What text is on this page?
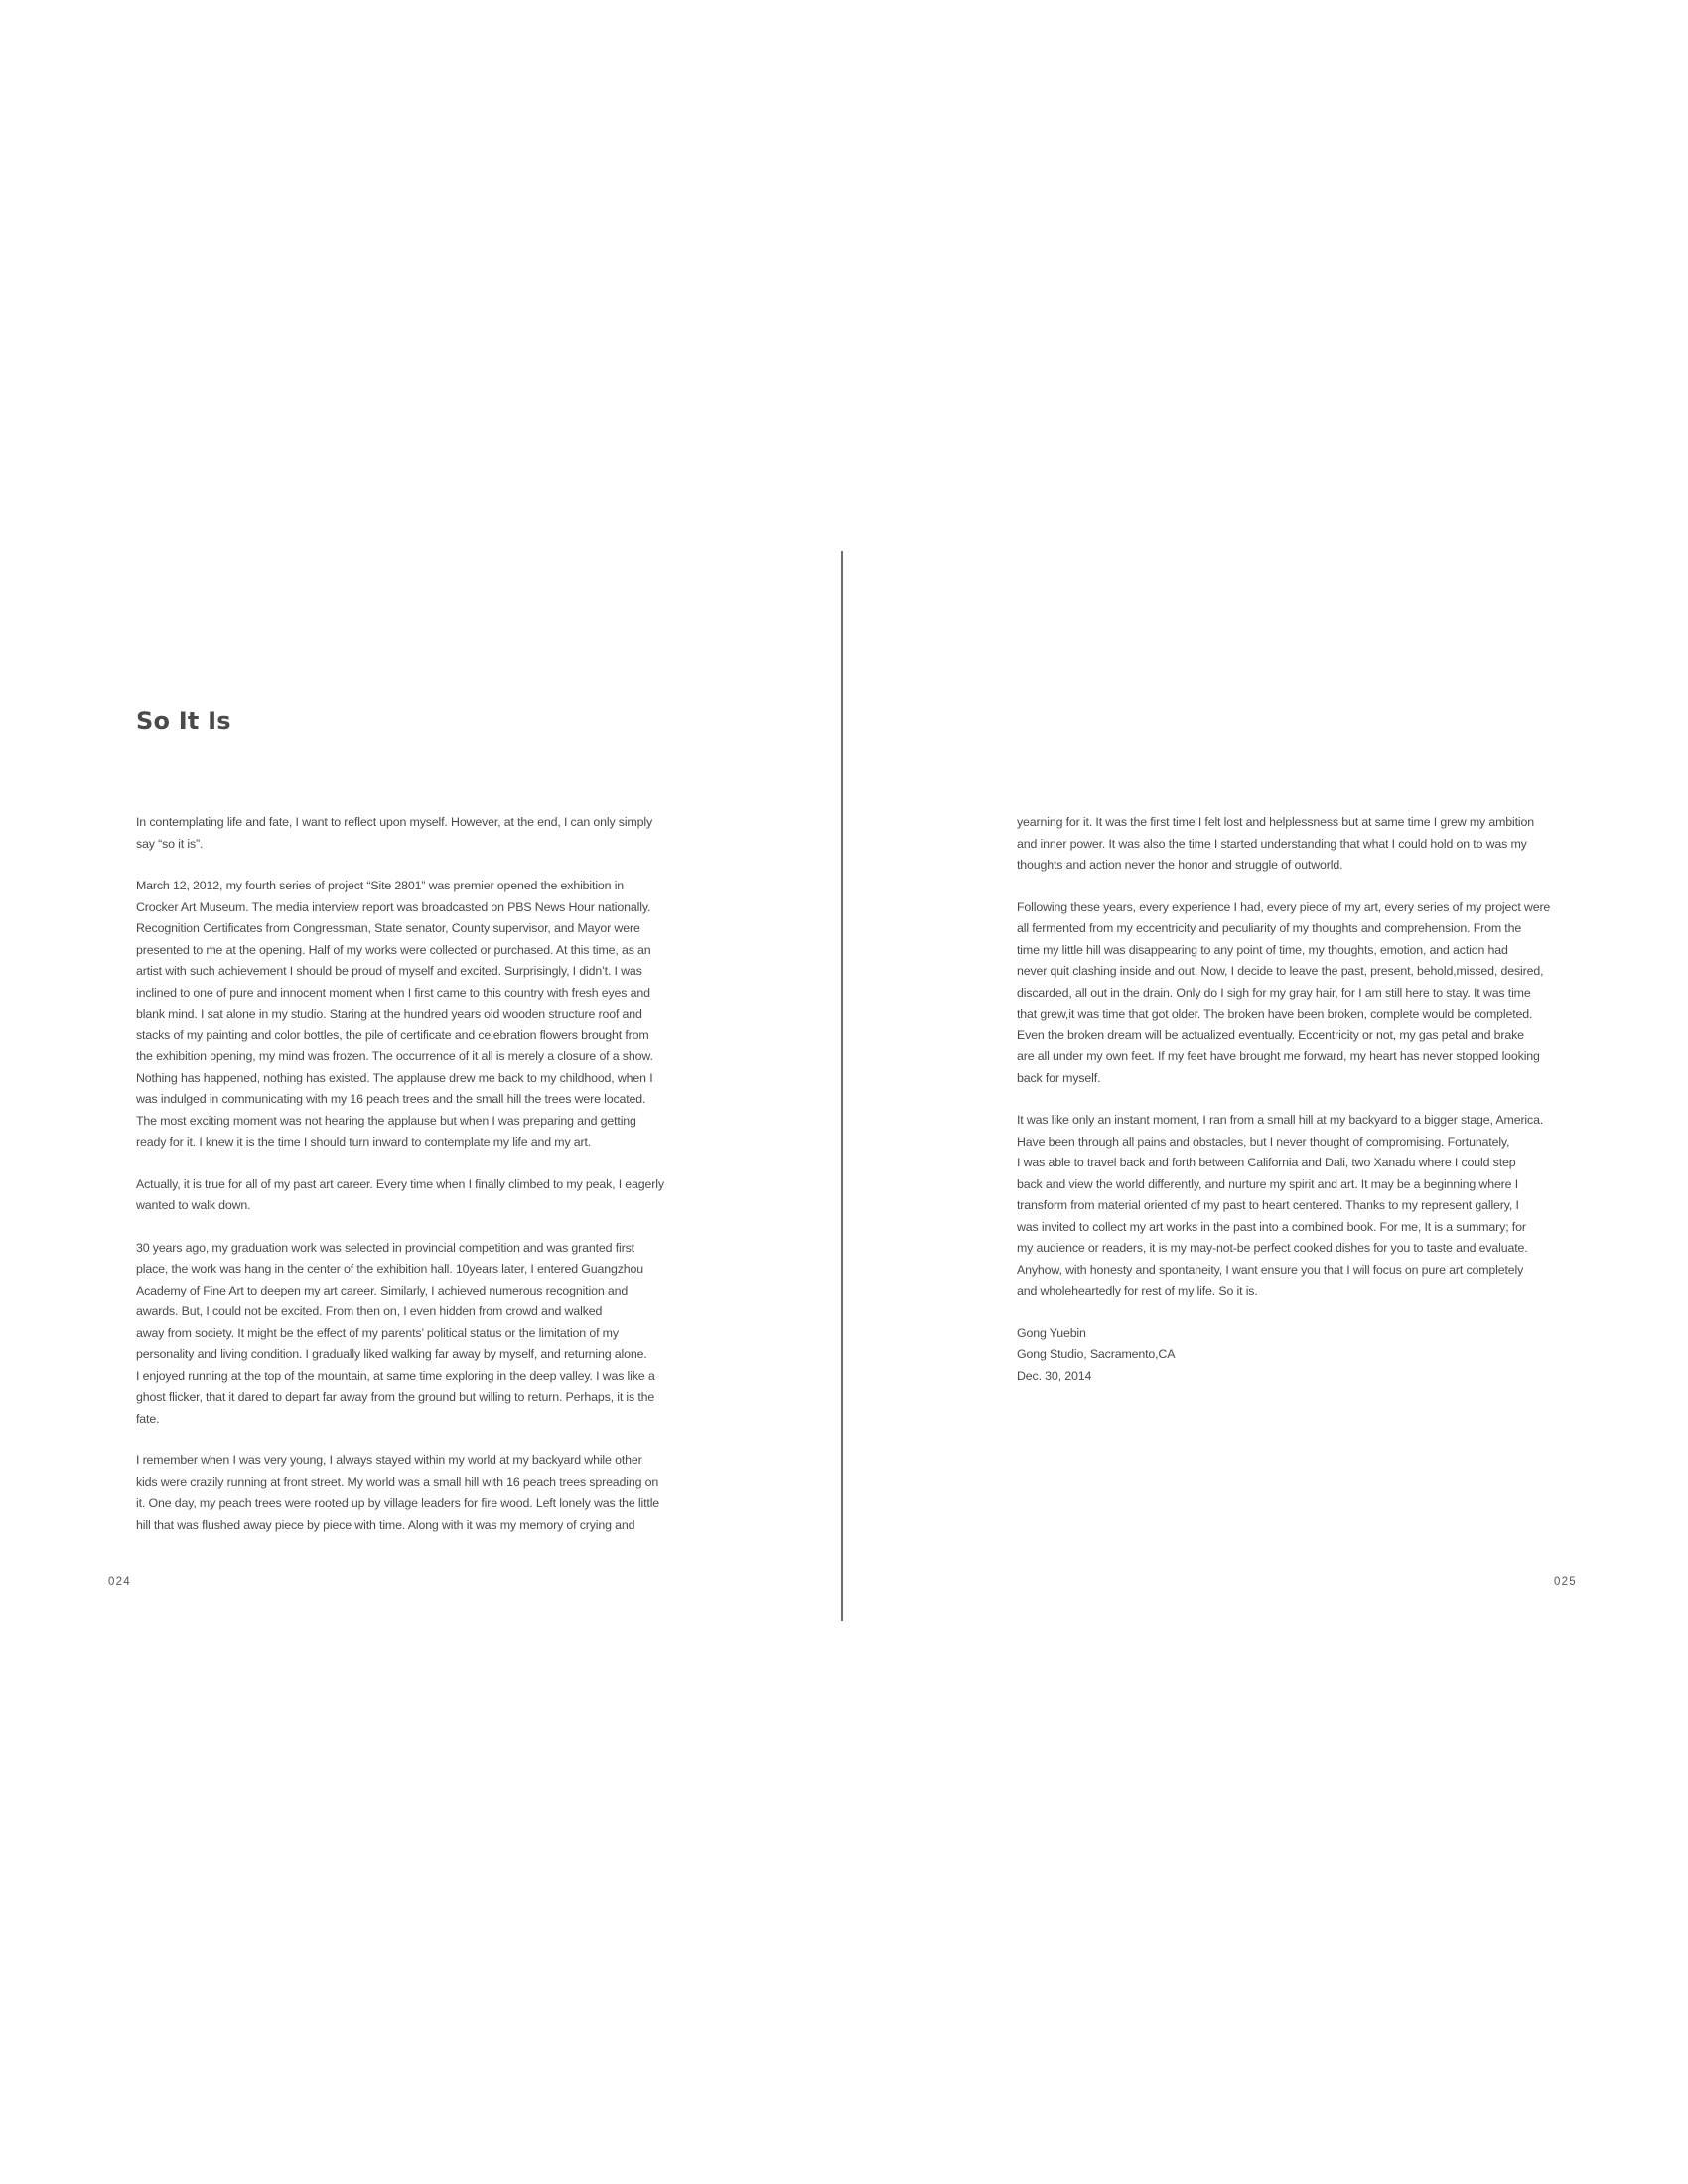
So It Is

In contemplating life and fate, I want to reflect upon myself. However, at the end, I can only simply
say “so it is”.

March 12, 2012, my fourth series of project “Site 2801” was premier opened the exhibition in
Crocker Art Museum. The media interview report was broadcasted on PBS News Hour nationally.
Recognition Certificates from Congressman, State senator, County supervisor, and Mayor were
presented to me at the opening. Half of my works were collected or purchased. At this time, as an
artist with such achievement I should be proud of myself and excited. Surprisingly, I didn’t. I was
inclined to one of pure and innocent moment when I first came to this country with fresh eyes and
blank mind. I sat alone in my studio. Staring at the hundred years old wooden structure roof and
stacks of my painting and color bottles, the pile of certificate and celebration flowers brought from
the exhibition opening, my mind was frozen. The occurrence of it all is merely a closure of a show.
Nothing has happened, nothing has existed. The applause drew me back to my childhood, when I
was indulged in communicating with my 16 peach trees and the small hill the trees were located.
The most exciting moment was not hearing the applause but when I was preparing and getting
ready for it. I knew it is the time I should turn inward to contemplate my life and my art.

Actually, it is true for all of my past art career. Every time when I finally climbed to my peak, I eagerly
wanted to walk down.

30 years ago, my graduation work was selected in provincial competition and was granted first
place, the work was hang in the center of the exhibition hall. 10years later, I entered Guangzhou
Academy of Fine Art to deepen my art career. Similarly, I achieved numerous recognition and
awards. But, I could not be excited. From then on, I even hidden from crowd and walked
away from society. It might be the effect of my parents’ political status or the limitation of my
personality and living condition. I gradually liked walking far away by myself, and returning alone.
I enjoyed running at the top of the mountain, at same time exploring in the deep valley. I was like a
ghost flicker, that it dared to depart far away from the ground but willing to return. Perhaps, it is the
fate.

I remember when I was very young, I always stayed within my world at my backyard while other
kids were crazily running at front street. My world was a small hill with 16 peach trees spreading on
it. One day, my peach trees were rooted up by village leaders for fire wood. Left lonely was the little
hill that was flushed away piece by piece with time. Along with it was my memory of crying and

yearning for it. It was the first time I felt lost and helplessness but at same time I grew my ambition
and inner power. It was also the time I started understanding that what I could hold on to was my
thoughts and action never the honor and struggle of outworld.

Following these years, every experience I had, every piece of my art, every series of my project were
all fermented from my eccentricity and peculiarity of my thoughts and comprehension. From the
time my little hill was disappearing to any point of time, my thoughts, emotion, and action had
never quit clashing inside and out. Now, I decide to leave the past, present, behold,missed, desired,
discarded, all out in the drain. Only do I sigh for my gray hair, for I am still here to stay. It was time
that grew,it was time that got older. The broken have been broken, complete would be completed.
Even the broken dream will be actualized eventually. Eccentricity or not, my gas petal and brake
are all under my own feet. If my feet have brought me forward, my heart has never stopped looking
back for myself.

It was like only an instant moment, I ran from a small hill at my backyard to a bigger stage, America.
Have been through all pains and obstacles, but I never thought of compromising. Fortunately,
I was able to travel back and forth between California and Dali, two Xanadu where I could step
back and view the world differently, and nurture my spirit and art. It may be a beginning where I
transform from material oriented of my past to heart centered. Thanks to my represent gallery, I
was invited to collect my art works in the past into a combined book. For me, It is a summary; for
my audience or readers, it is my may-not-be perfect cooked dishes for you to taste and evaluate.
Anyhow, with honesty and spontaneity, I want ensure you that I will focus on pure art completely
and wholeheartedly for rest of my life. So it is.

Gong Yuebin
Gong Studio, Sacramento,CA
Dec. 30, 2014
024	025
